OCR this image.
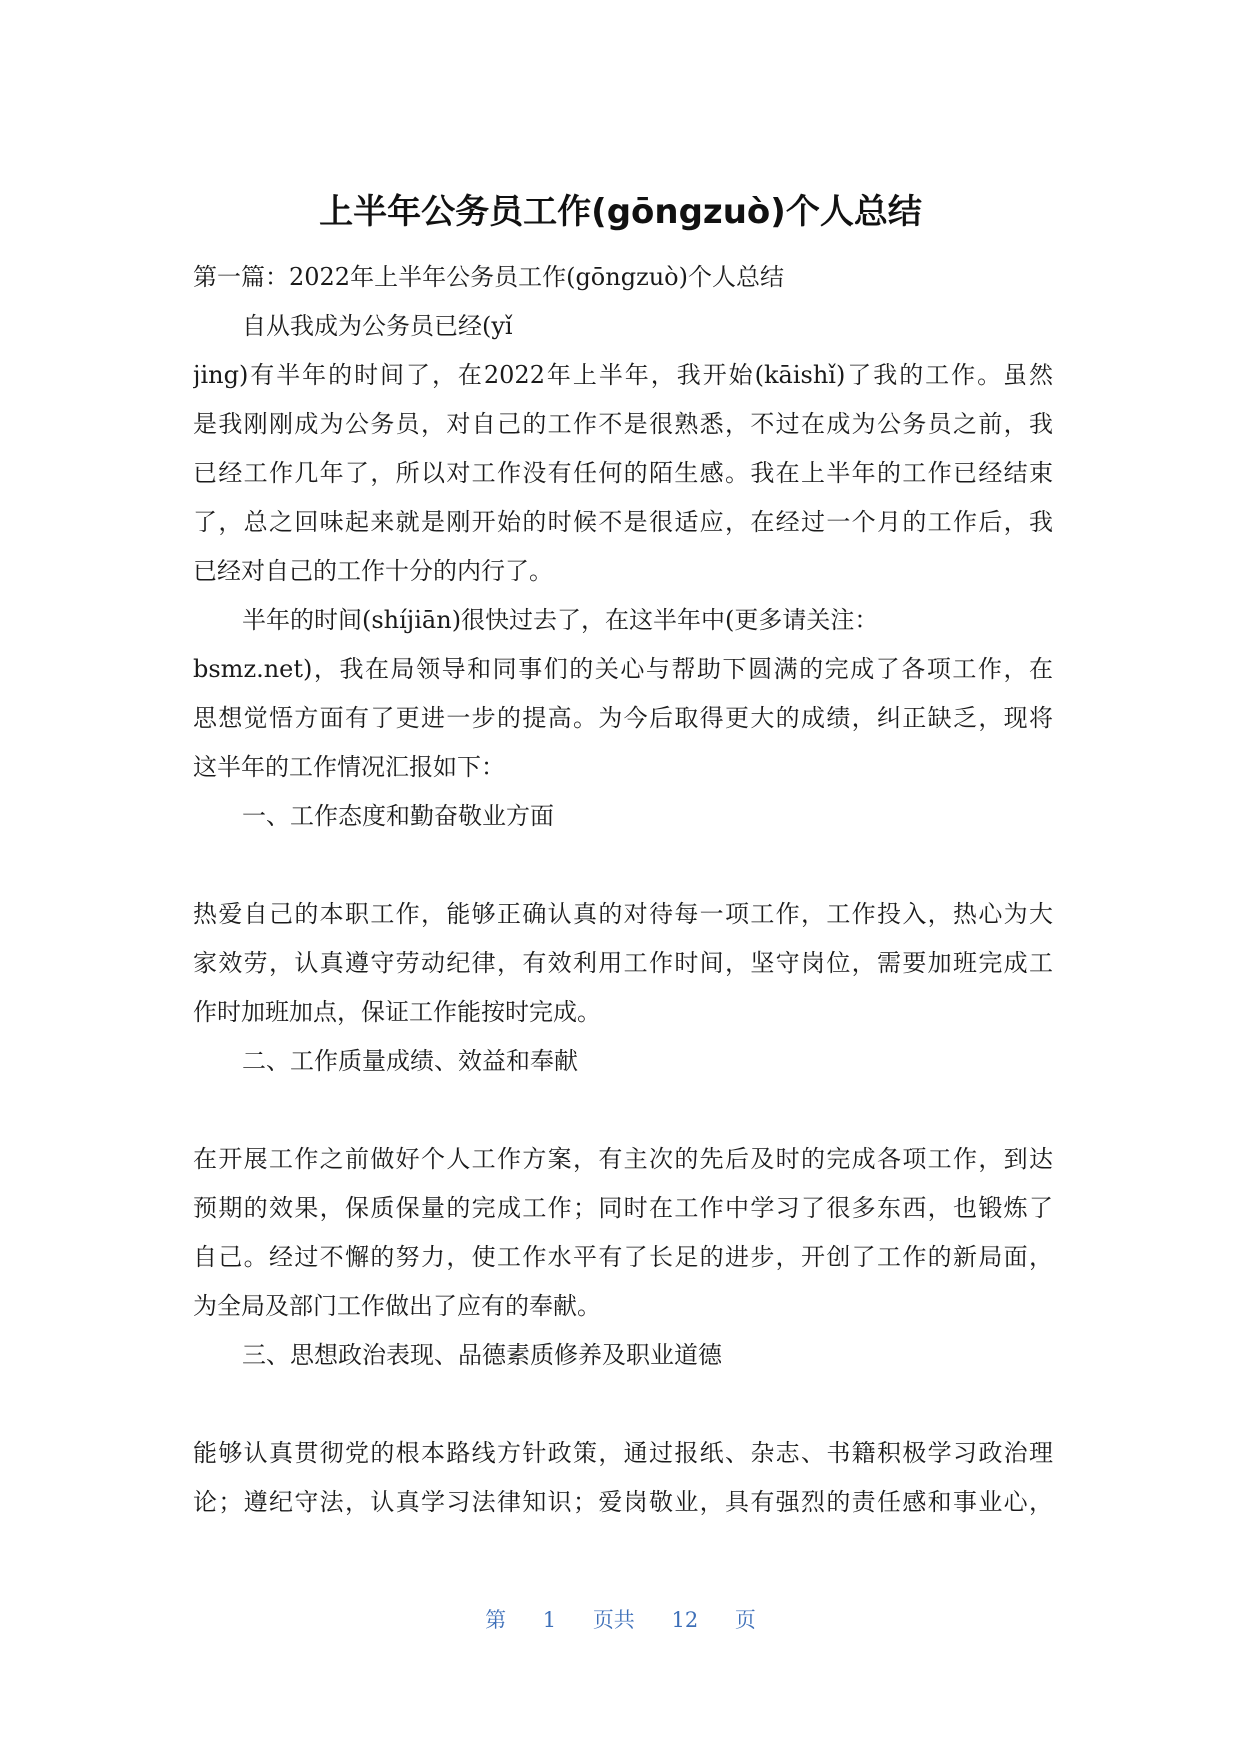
上半年公务员工作(gōngzuò)个人总结
第一篇：2022年上半年公务员工作(gōngzuò)个人总结
自从我成为公务员已经(yǐ
jing)有半年的时间了，在2022年上半年，我开始(kāishǐ)了我的工作。虽然
是我刚刚成为公务员，对自己的工作不是很熟悉，不过在成为公务员之前，我
已经工作几年了，所以对工作没有任何的陌生感。我在上半年的工作已经结束
了，总之回味起来就是刚开始的时候不是很适应，在经过一个月的工作后，我
已经对自己的工作十分的内行了。
半年的时间(shíjiān)很快过去了，在这半年中(更多请关注：
bsmz.net)，我在局领导和同事们的关心与帮助下圆满的完成了各项工作，在
思想觉悟方面有了更进一步的提高。为今后取得更大的成绩，纠正缺乏，现将
这半年的工作情况汇报如下：
一、工作态度和勤奋敬业方面
热爱自己的本职工作，能够正确认真的对待每一项工作，工作投入，热心为大
家效劳，认真遵守劳动纪律，有效利用工作时间，坚守岗位，需要加班完成工
作时加班加点，保证工作能按时完成。
二、工作质量成绩、效益和奉献
在开展工作之前做好个人工作方案，有主次的先后及时的完成各项工作，到达
预期的效果，保质保量的完成工作；同时在工作中学习了很多东西，也锻炼了
自己。经过不懈的努力，使工作水平有了长足的进步，开创了工作的新局面，
为全局及部门工作做出了应有的奉献。
三、思想政治表现、品德素质修养及职业道德
能够认真贯彻党的根本路线方针政策，通过报纸、杂志、书籍积极学习政治理
论；遵纪守法，认真学习法律知识；爱岗敬业，具有强烈的责任感和事业心，
第 1 页共 12 页
